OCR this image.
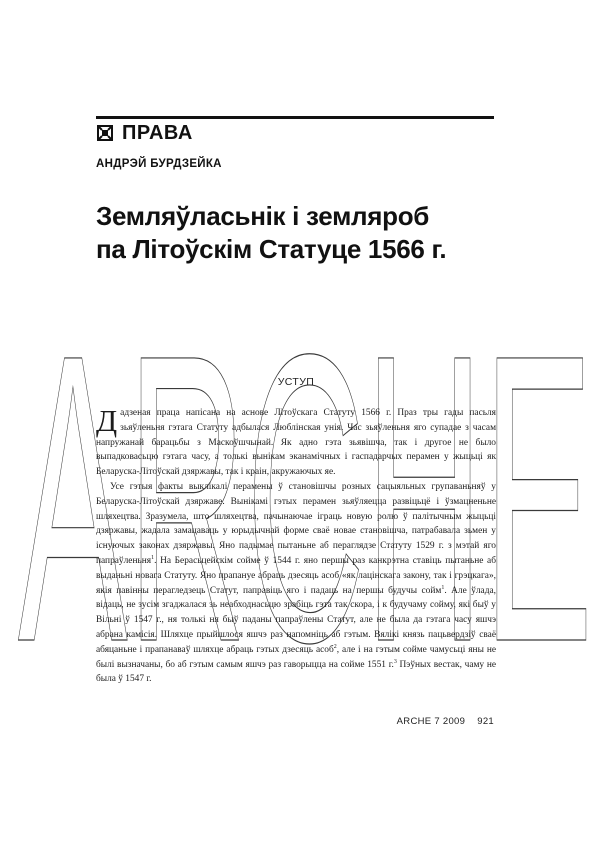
ARCHE
ПРАВА
АНДРЭЙ БУРДЗЕЙКА
Земляўласьнік і земляроб
па Літоўскім Статуце 1566 г.
УСТУП

Дадзеная праца напісана на аснове Літоўскага Статуту 1566 г. Праз тры гады пасьля зьяўленьня гэтага Статуту адбылася Люблінская унія. Час зьяўленьня яго супадае з часам напружанай барацьбы з Маскоўшчынай. Як адно гэта зьявішча, так і другое не было выпадковасьцю гэтага часу, а толькі вынікам эканамічных і гаспадарчых перамен у жыцьці як Беларуска-Літоўскай дзяржавы, так і краін, акружаючых яе.

Усе гэтыя факты выклікалі перамены ў становішчы розных сацыяльных групаваньняў у Беларуска-Літоўскай дзяржаве. Вынікамі гэтых перамен зьяўляецца развіцьцё і ўзмацненьне шляхецтва. Зразумела, што шляхецтва, пачынаючае іграць новую ролю ў палітычным жыцьці дзяржавы, жадала замацаваць у юрыдычнай форме сваё новае становішча, патрабавала зьмен у існуючых законах дзяржавы. Яно падымае пытаньне аб пераглядзе Статуту 1529 г. з мэтай яго папраўленьня$^1$. На Берасьцейскім сойме ў 1544 г. яно першы раз канкрэтна ставіць пытаньне аб выданьні новага Статуту. Яно прапануе абраць дзесяць асоб «як лацінскага закону, так і грэцкага», якія павінны перагледзець Статут, паправіць яго і падаць на першы будучы сойм$^1$. Але ўлада, відаць, не зусім згаджалася зь неабходнасьцю зрабіць гэта так скора, і к будучаму сойму, які быў у Вільні ў 1547 г., ня толькі ня быў паданы папраўлены Статут, але не была да гэтага часу яшчэ абрана камісія. Шляхце прыйшлося яшчэ раз напомніць аб гэтым. Вялікі князь пацьвердзіў сваё абяцаньне і прапанаваў шляхце абраць гэтых дзесяць асоб$^2$, але і на гэтым сойме чамусьці яны не былі вызначаны, бо аб гэтым самым яшчэ раз гаворыцца на сойме 1551 г.$^3$ Пэўных вестак, чаму не была ў 1547 г.

ARCHE 7 2009 921
